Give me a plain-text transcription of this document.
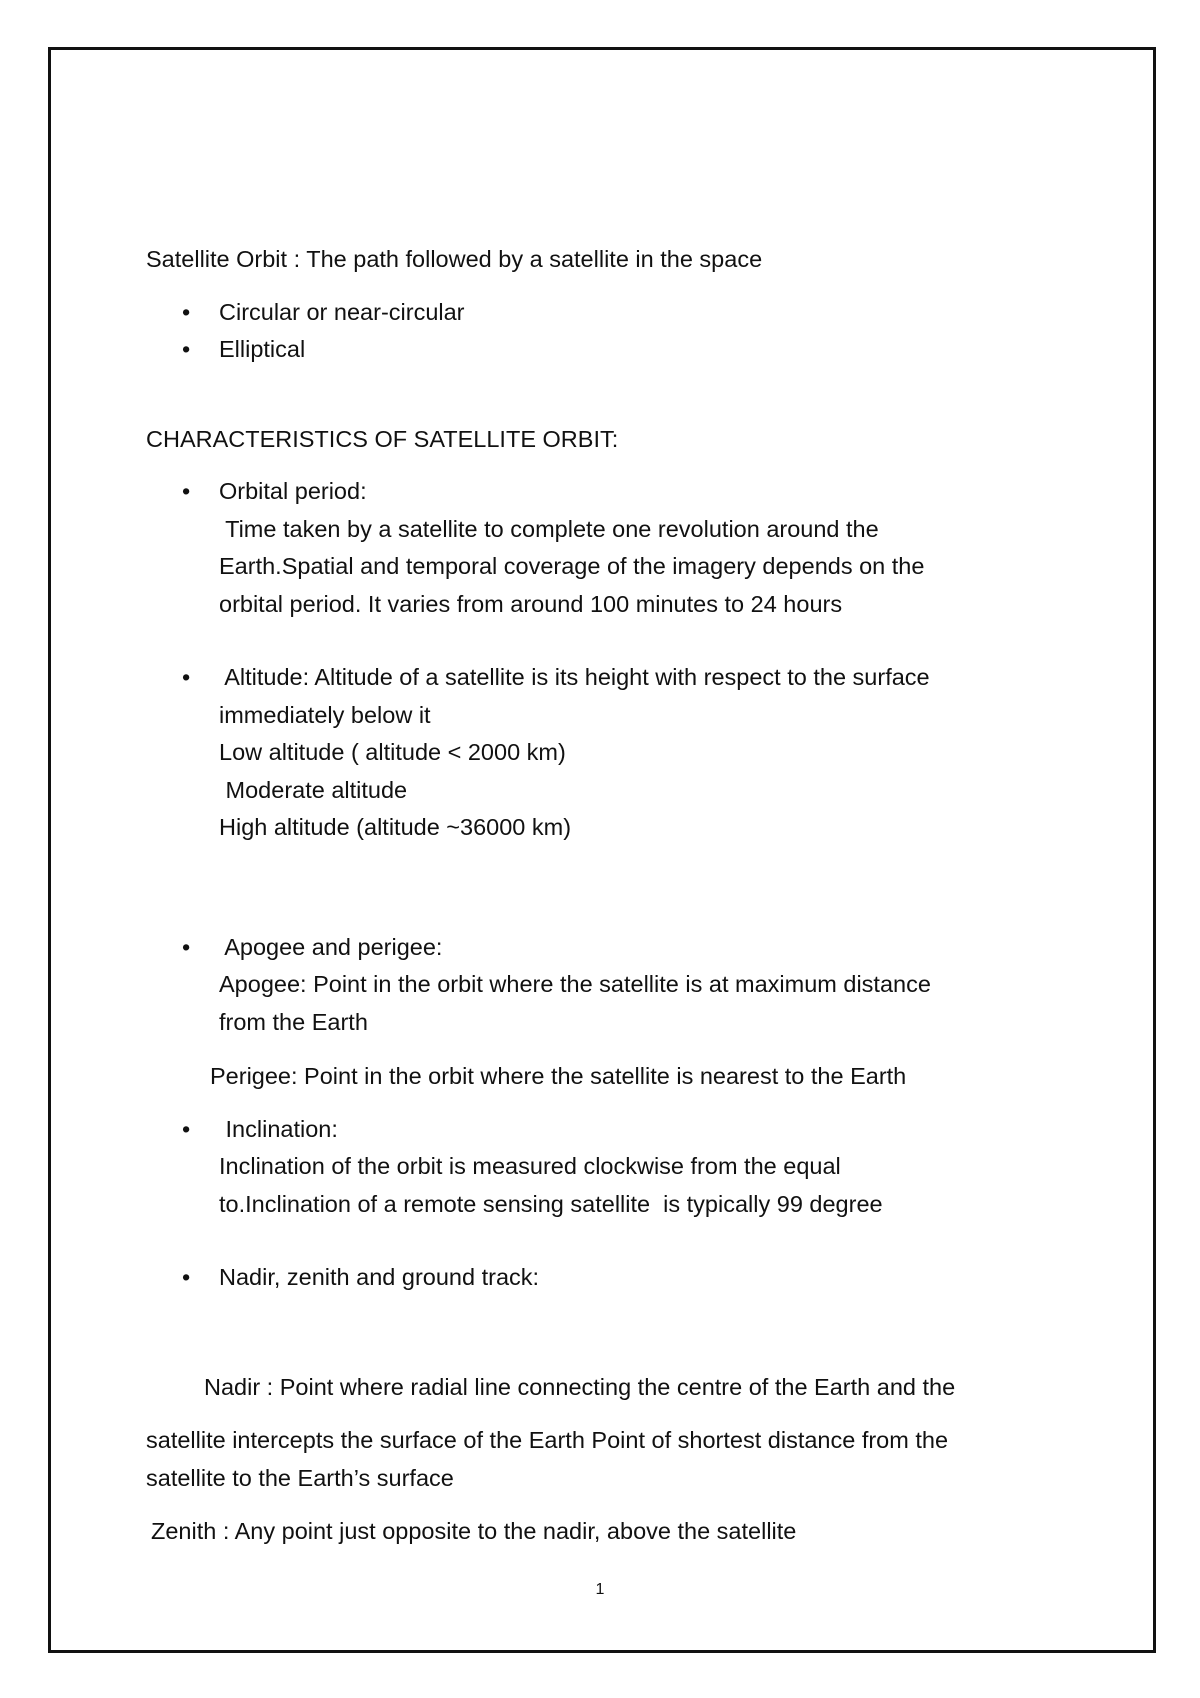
Satellite Orbit : The path followed by a satellite in the space

• Circular or near-circular
• Elliptical

CHARACTERISTICS OF SATELLITE ORBIT:

• Orbital period:
Time taken by a satellite to complete one revolution around the
Earth.Spatial and temporal coverage of the imagery depends on the
orbital period. It varies from around 100 minutes to 24 hours
•  Altitude: Altitude of a satellite is its height with respect to the surface
immediately below it
Low altitude ( altitude < 2000 km)
Moderate altitude
High altitude (altitude ~36000 km)
•  Apogee and perigee:
Apogee: Point in the orbit where the satellite is at maximum distance
from the Earth

Perigee: Point in the orbit where the satellite is nearest to the Earth

•  Inclination:
Inclination of the orbit is measured clockwise from the equal
to.Inclination of a remote sensing satellite  is typically 99 degree
• Nadir, zenith and ground track:

Nadir : Point where radial line connecting the centre of the Earth and the

satellite intercepts the surface of the Earth Point of shortest distance from the

satellite to the Earth’s surface

Zenith : Any point just opposite to the nadir, above the satellite

1
